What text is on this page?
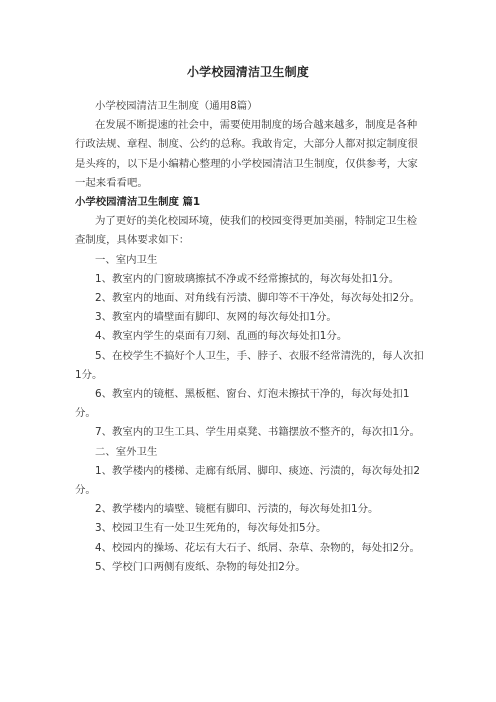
小学校园清洁卫生制度

小学校园清洁卫生制度（通用8篇）

在发展不断提速的社会中，需要使用制度的场合越来越多，制度是各种行政法规、章程、制度、公约的总称。我敢肯定，大部分人都对拟定制度很是头疼的，以下是小编精心整理的小学校园清洁卫生制度，仅供参考，大家一起来看看吧。

小学校园清洁卫生制度 篇1

为了更好的美化校园环境，使我们的校园变得更加美丽，特制定卫生检查制度，具体要求如下：

一、室内卫生

1、教室内的门窗玻璃擦拭不净或不经常擦拭的，每次每处扣1分。

2、教室内的地面、对角线有污渍、脚印等不干净处，每次每处扣2分。

3、教室内的墙壁面有脚印、灰网的每次每处扣1分。

4、教室内学生的桌面有刀刻、乱画的每次每处扣1分。

5、在校学生不搞好个人卫生，手、脖子、衣服不经常清洗的，每人次扣1分。

6、教室内的镜框、黑板框、窗台、灯泡未擦拭干净的，每次每处扣1分。

7、教室内的卫生工具、学生用桌凳、书籍摆放不整齐的，每次扣1分。

二、室外卫生

1、教学楼内的楼梯、走廊有纸屑、脚印、痰迹、污渍的，每次每处扣2分。

2、教学楼内的墙壁、镜框有脚印、污渍的，每次每处扣1分。

3、校园卫生有一处卫生死角的，每次每处扣5分。

4、校园内的操场、花坛有大石子、纸屑、杂草、杂物的，每处扣2分。

5、学校门口两侧有废纸、杂物的每处扣2分。
